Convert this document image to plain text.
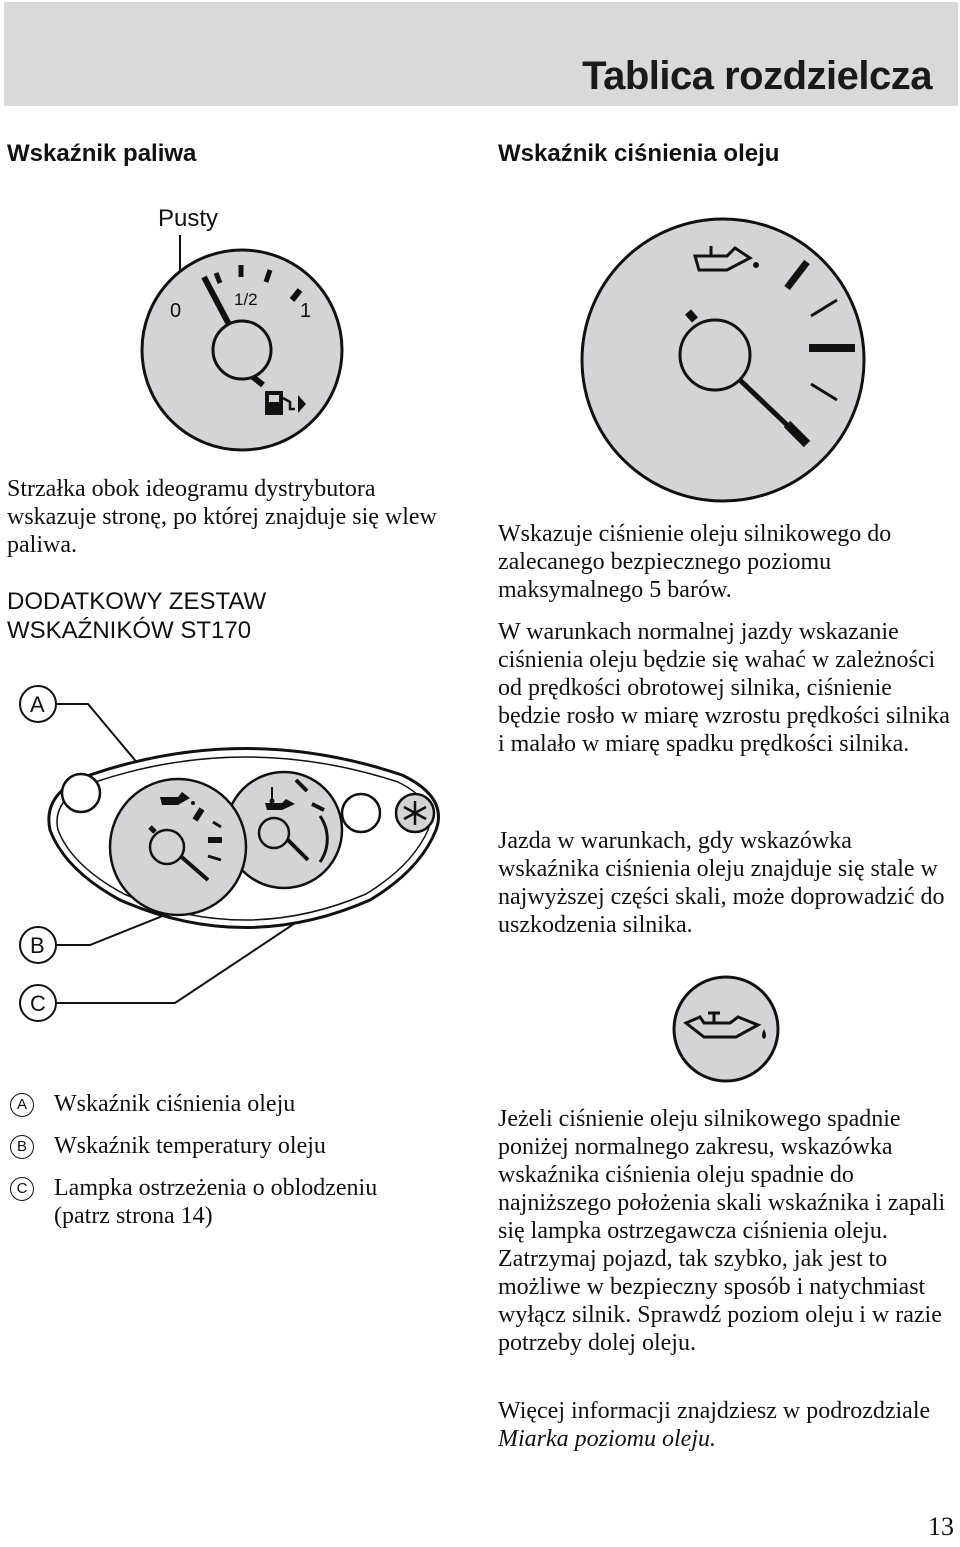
Tablica rozdzielcza
Wskaźnik paliwa
Pusty
0
1/2
1

Strzałka obok ideogramu dystrybutora wskazuje stronę, po której znajduje się wlew paliwa.

DODATKOWY ZESTAW WSKAŹNIKÓW ST170

A
B
C
A Wskaźnik ciśnienia oleju
B Wskaźnik temperatury oleju
C Lampka ostrzeżenia o oblodzeniu (patrz strona 14)
Wskaźnik ciśnienia oleju

Wskazuje ciśnienie oleju silnikowego do zalecanego bezpiecznego poziomu maksymalnego 5 barów.

W warunkach normalnej jazdy wskazanie ciśnienia oleju będzie się wahać w zależności od prędkości obrotowej silnika, ciśnienie będzie rosło w miarę wzrostu prędkości silnika i malało w miarę spadku prędkości silnika.

Jazda w warunkach, gdy wskazówka wskaźnika ciśnienia oleju znajduje się stale w najwyższej części skali, może doprowadzić do uszkodzenia silnika.

Jeżeli ciśnienie oleju silnikowego spadnie poniżej normalnego zakresu, wskazówka wskaźnika ciśnienia oleju spadnie do najniższego położenia skali wskaźnika i zapali się lampka ostrzegawcza ciśnienia oleju. Zatrzymaj pojazd, tak szybko, jak jest to możliwe w bezpieczny sposób i natychmiast wyłącz silnik. Sprawdź poziom oleju i w razie potrzeby dolej oleju.

Więcej informacji znajdziesz w podrozdziale Miarka poziomu oleju.

13
